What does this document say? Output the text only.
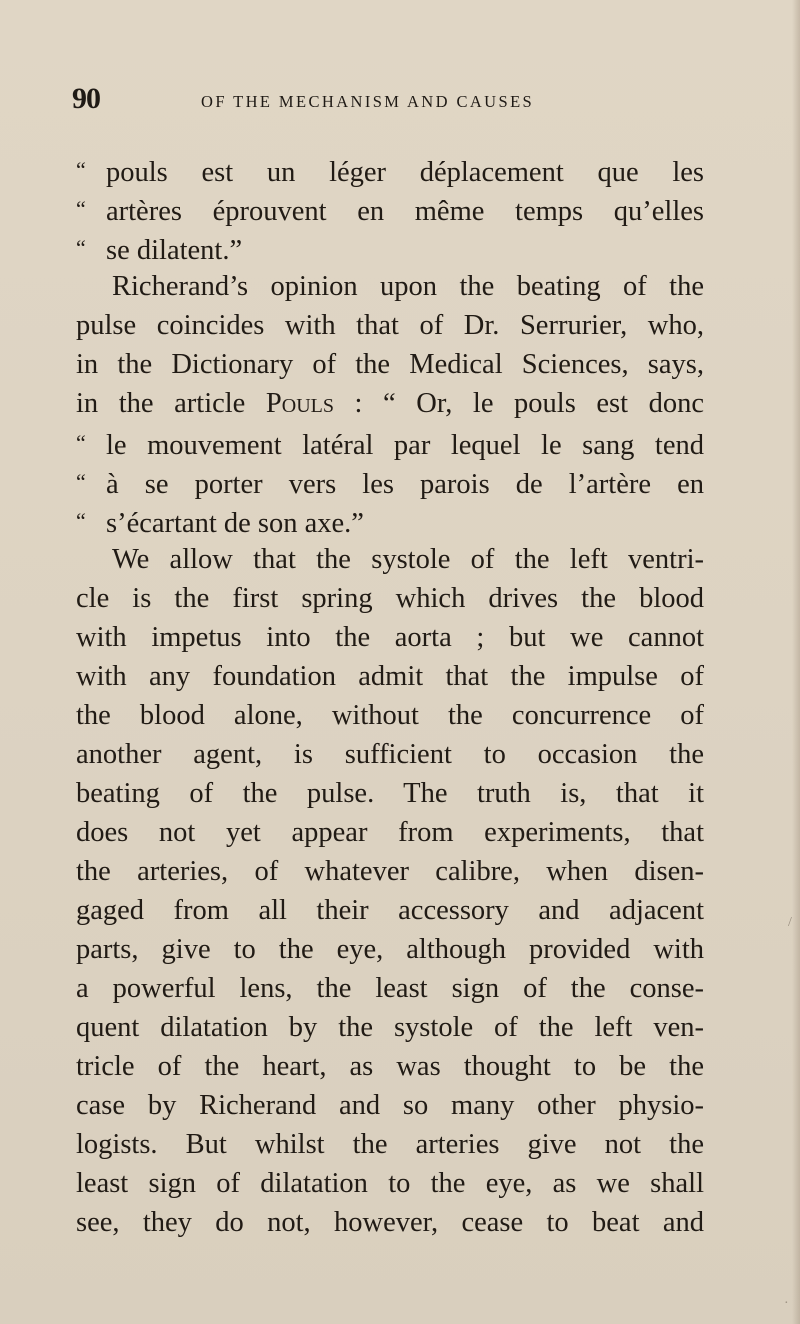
90	OF THE MECHANISM AND CAUSES
“ pouls est un léger déplacement que les
“ artères éprouvent en même temps qu’elles
“ se dilatent.”
Richerand’s opinion upon the beating of the
pulse coincides with that of Dr. Serrurier, who,
in the Dictionary of the Medical Sciences, says,
in the article Pouls : “ Or, le pouls est donc
“ le mouvement latéral par lequel le sang tend
“ à se porter vers les parois de l’artère en
“ s’écartant de son axe.”
We allow that the systole of the left ventri-
cle is the first spring which drives the blood
with impetus into the aorta ; but we cannot
with any foundation admit that the impulse of
the blood alone, without the concurrence of
another agent, is sufficient to occasion the
beating of the pulse. The truth is, that it
does not yet appear from experiments, that
the arteries, of whatever calibre, when disen-
gaged from all their accessory and adjacent
parts, give to the eye, although provided with
a powerful lens, the least sign of the conse-
quent dilatation by the systole of the left ven-
tricle of the heart, as was thought to be the
case by Richerand and so many other physio-
logists. But whilst the arteries give not the
least sign of dilatation to the eye, as we shall
see, they do not, however, cease to beat and
/
·
